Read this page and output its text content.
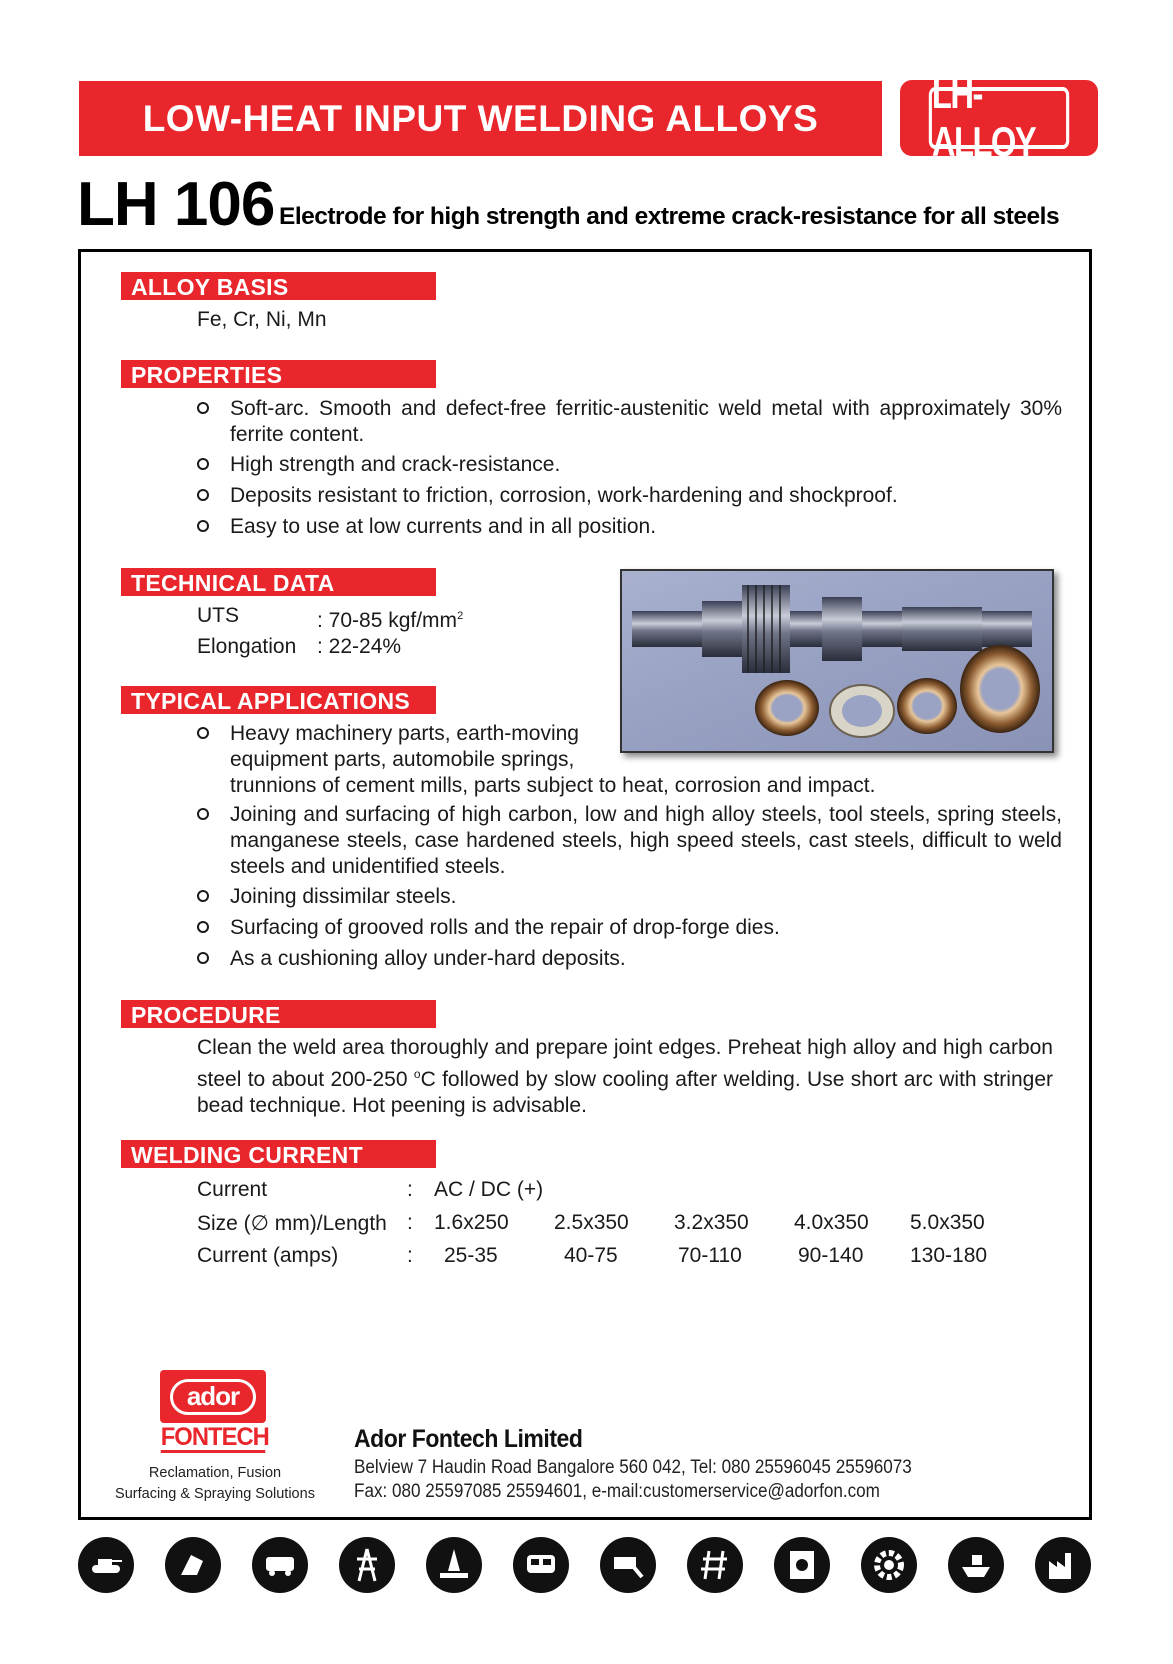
LOW-HEAT INPUT WELDING ALLOYS
LH-ALLOY
LH 106 Electrode for high strength and extreme crack-resistance for all steels
ALLOY BASIS
Fe, Cr, Ni, Mn
PROPERTIES
Soft-arc. Smooth and defect-free ferritic-austenitic weld metal with approximately 30% ferrite content.
High strength and crack-resistance.
Deposits resistant to friction, corrosion, work-hardening and shockproof.
Easy to use at low currents and in all position.
TECHNICAL DATA
UTS	: 70-85 kgf/$mm^2$
Elongation : 22-24%
TYPICAL APPLICATIONS
Heavy machinery parts, earth-moving
equipment parts, automobile springs,
trunnions of cement mills, parts subject to heat, corrosion and impact.
Joining and surfacing of high carbon, low and high alloy steels, tool steels, spring steels, manganese steels, case hardened steels, high speed steels, cast steels, difficult to weld steels and unidentified steels.
Joining dissimilar steels.
Surfacing of grooved rolls and the repair of drop-forge dies.
As a cushioning alloy under-hard deposits.
PROCEDURE
Clean the weld area thoroughly and prepare joint edges. Preheat high alloy and high carbon steel to about 200-250 $^o$C followed by slow cooling after welding. Use short arc with stringer bead technique. Hot peening is advisable.
WELDING CURRENT
Current	: AC / DC (+)
Size (∅ mm)/Length : 1.6x250 2.5x350 3.2x350 4.0x350 5.0x350
Current (amps)	: 25-35	40-75	70-110	90-140 130-180
ador
FONTECH
Reclamation, Fusion
Surfacing & Spraying Solutions
Ador Fontech Limited
Belview 7 Haudin Road Bangalore 560 042, Tel: 080 25596045 25596073
Fax: 080 25597085 25594601, e-mail:customerservice@adorfon.com
